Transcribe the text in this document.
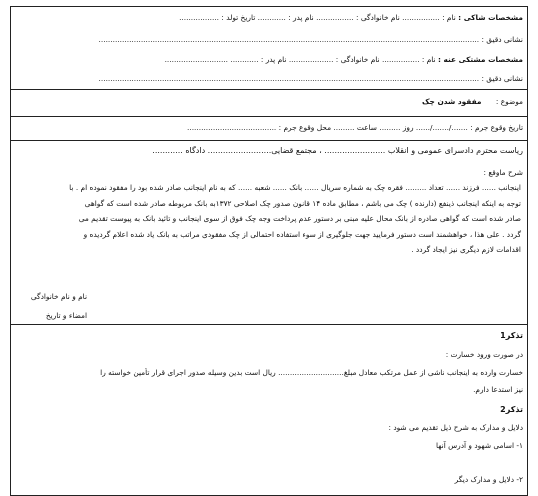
مشخصات شاکی : نام : ................ نام خانوادگی : ................ نام پدر : ............ تاریخ تولد : .................
نشانی دقیق : ..................................................................................................................................................................
مشخصات مشتکی عنه : نام : ................ نام خانوادگی : ................... نام پدر : ............ ...........................
نشانی دقیق : ..................................................................................................................................................................
موضوع : مفقود شدن چک
تاریخ وقوع جرم : ......./......./...... روز ......... ساعت ......... محل وقوع جرم : ......................................
ریاست محترم دادسرای عمومی و انقلاب ........................ ، مجتمع قضایی......................... دادگاه ............
شرح ماوقع :
اینجانب ...... فرزند ...... تعداد ......... فقره چک به شماره سریال ...... بانک ...... شعبه ...... که به نام اینجانب صادر شده بود را مفقود نموده ام . با
توجه به اینکه اینجانب ذینفع (دارنده ) چک می باشم ، مطابق ماده ۱۴ قانون صدور چک اصلاحی ۱۳۷۲به بانک مربوطه صادر شده است که گواهی
صادر شده است که گواهی صادره از بانک محال علیه مبنی بر دستور عدم پرداخت وجه چک فوق از سوی اینجانب و تائید بانک به پیوست تقدیم می
گردد . علی هذا ، خواهشمند است دستور فرمایید جهت جلوگیری از سوء استفاده احتمالی از چک مفقودی مراتب به بانک یاد شده اعلام گردیده و
اقدامات لازم دیگری نیز ایجاد گردد .
نام و نام خانوادگی
امضاء و تاریخ
تذکر1
در صورت ورود خسارت :
خسارت وارده به اینجانب ناشی از عمل مرتکب معادل مبلغ............................ ریال است بدین وسیله صدور اجرای قرار تأمین خواسته را
نیز استدعا دارم.
تذکر2
دلایل و مدارک به شرح ذیل تقدیم می شود :
۱- اسامی شهود و آدرس آنها
۲- دلایل و مدارک دیگر
